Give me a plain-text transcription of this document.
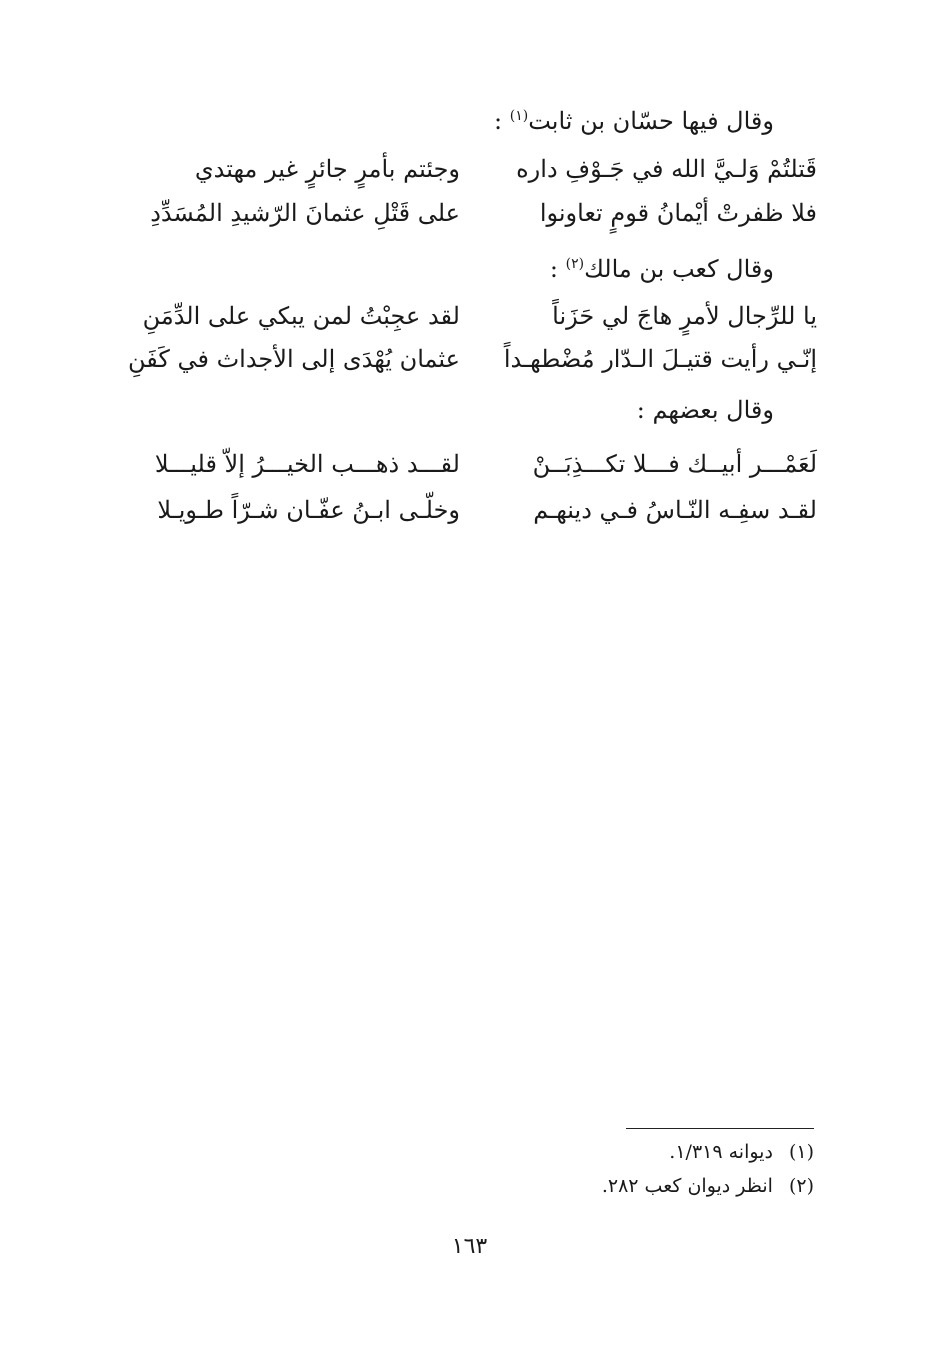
وقال فيها حسّان بن ثابت$^{(١)}$ :
قَتلتُمْ وَلـيَّ الله في جَـوْفِ داره
وجئتم بأمرٍ جائرٍ غير مهتدي
فلا ظفرتْ أيْمانُ قومٍ تعاونوا
على قَتْلِ عثمانَ الرّشيدِ المُسَدِّدِ
وقال كعب بن مالك$^{(٢)}$ :
يا للرِّجال لأمرٍ هاجَ لي حَزَناً
لقد عجِبْتُ لمن يبكي على الدِّمَنِ
إنّـي رأيت قتيـلَ الـدّار مُضْطهـداً
عثمان يُهْدَى إلى الأجداث في كَفَنِ
وقال بعضهم :
لَعَمْـــر أبيــك فـــلا تكـــذِبَــنْ
لقـــد ذهـــب الخيـــرُ إلاّ قليـــلا
لقـد سفِـه النّـاسُ فـي دينهـم
وخلّـى ابـنُ عفّـان شـرّاً طـويـلا
(١)ديوانه ١/٣١٩.
(٢)انظر ديوان كعب ٢٨٢.
١٦٣
